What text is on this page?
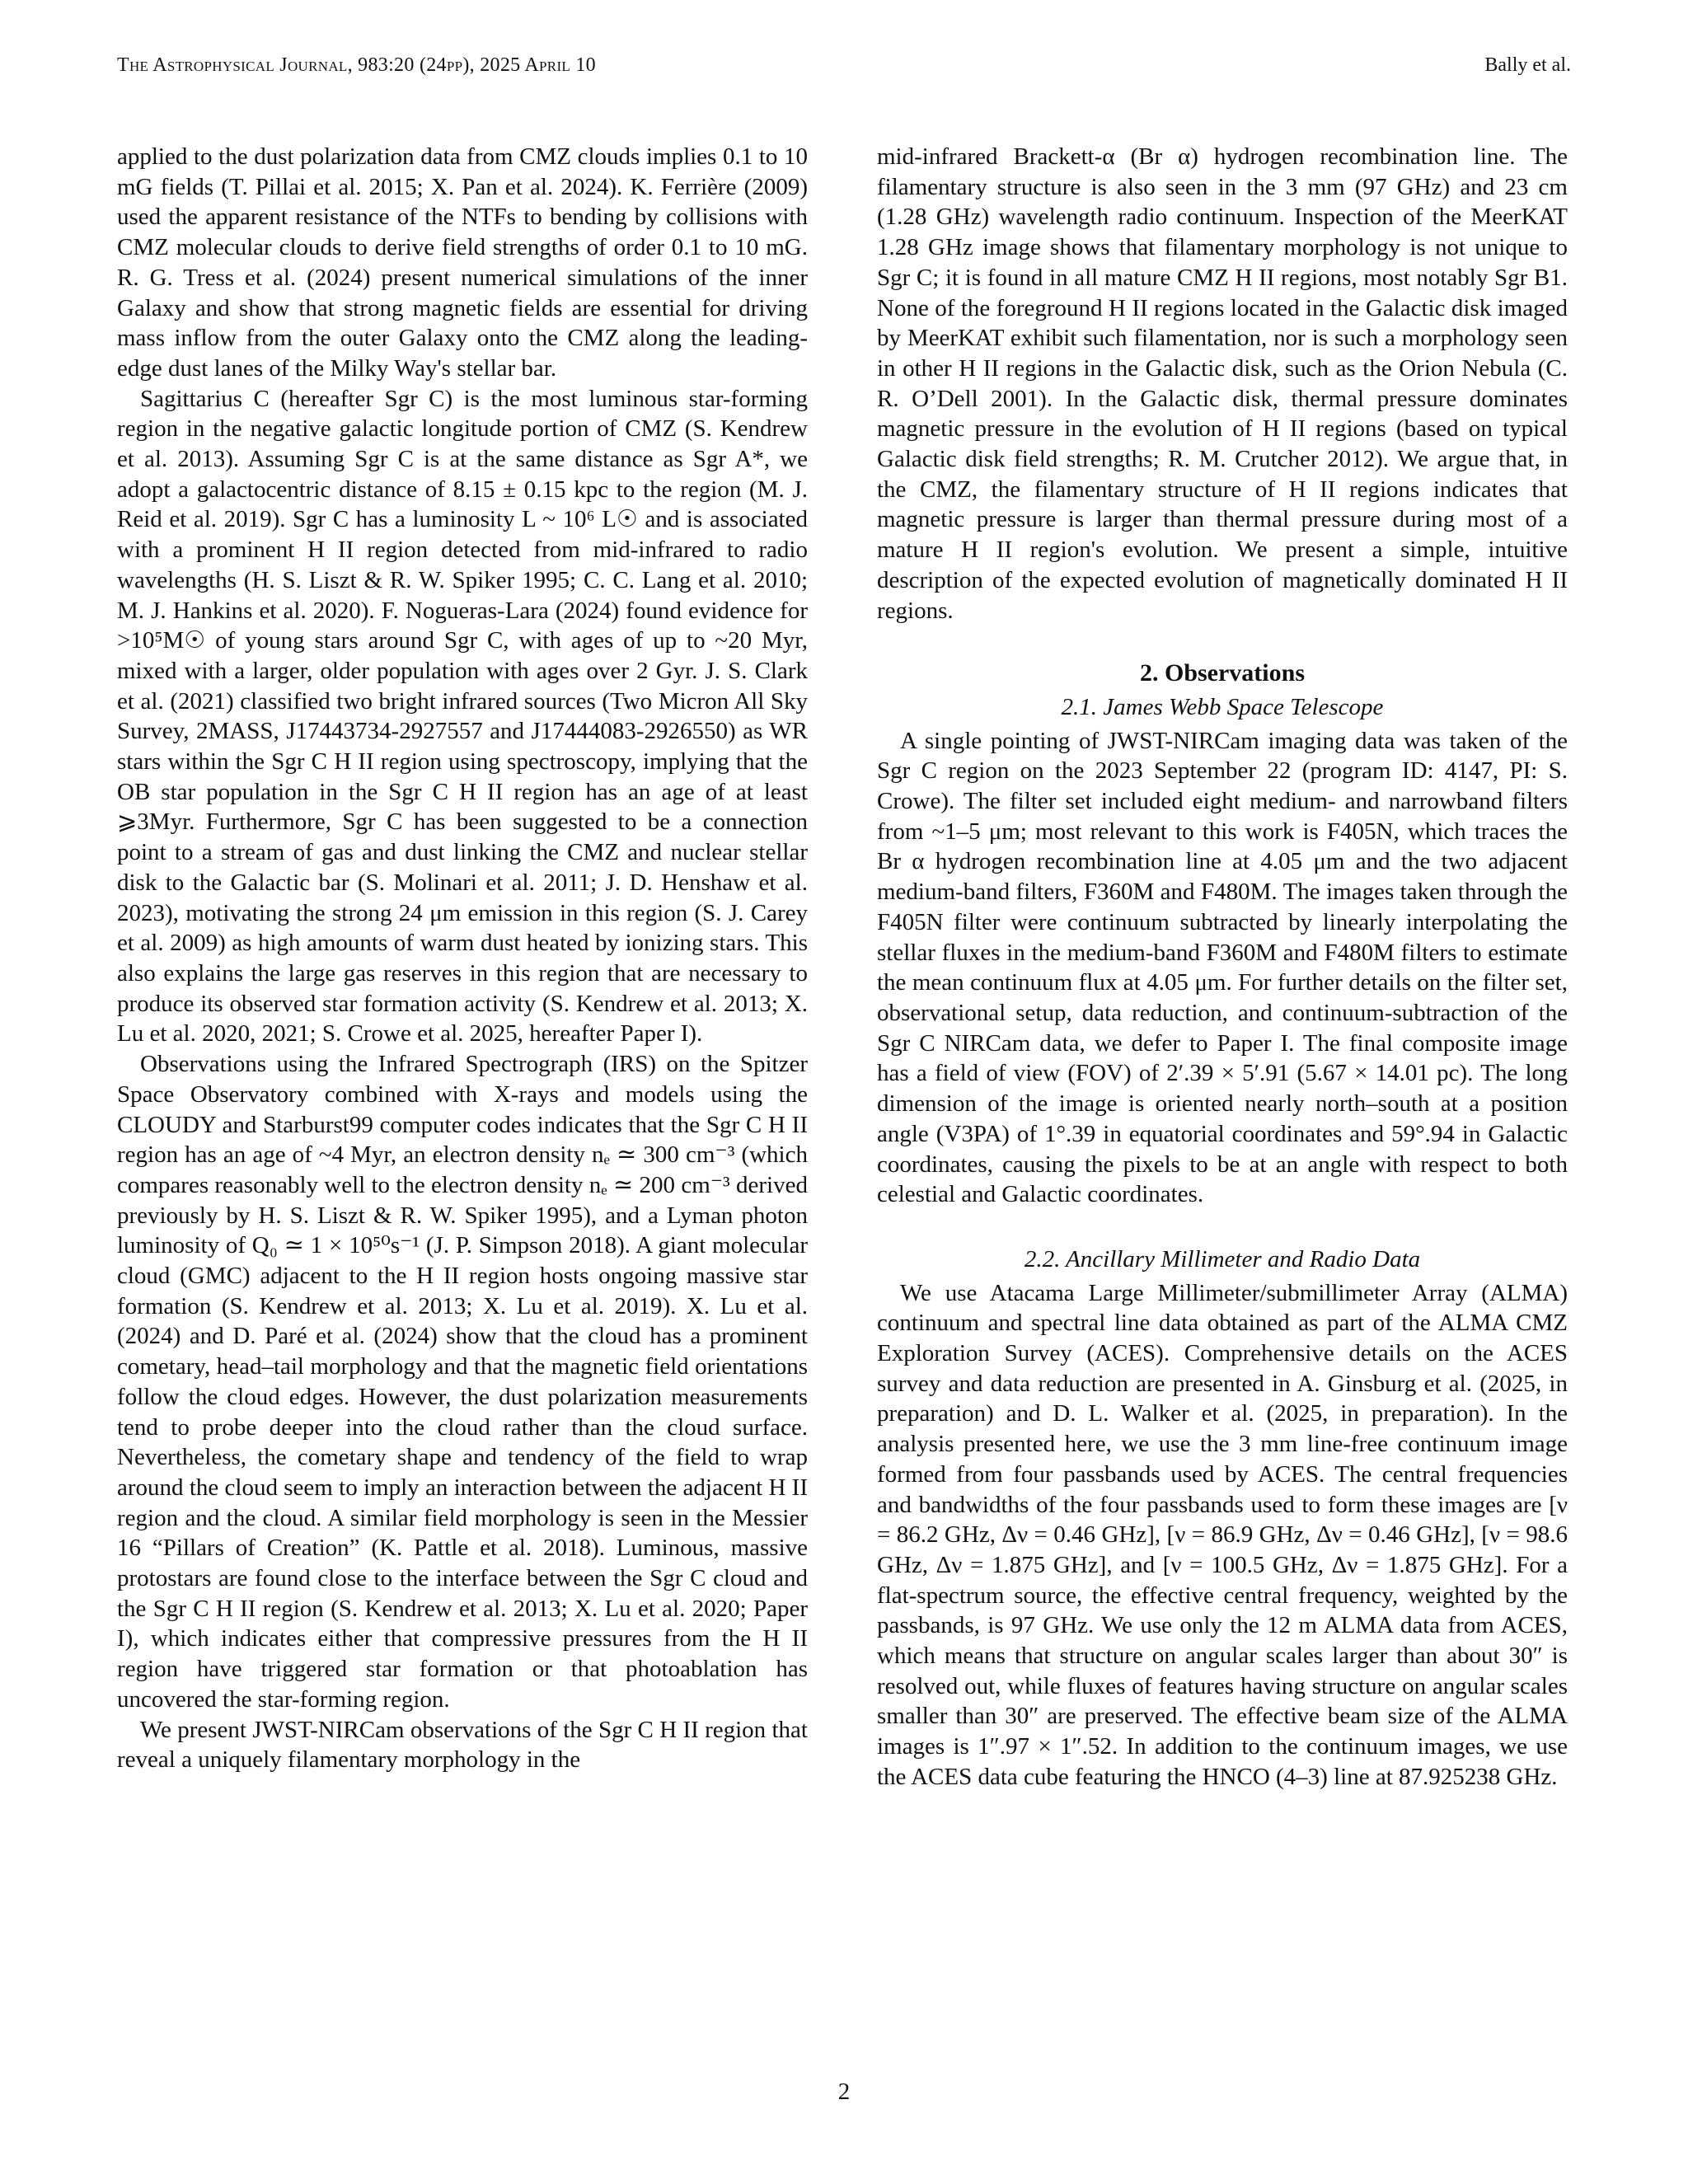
The Astrophysical Journal, 983:20 (24pp), 2025 April 10	Bally et al.

applied to the dust polarization data from CMZ clouds implies 0.1 to 10 mG fields (T. Pillai et al. 2015; X. Pan et al. 2024). K. Ferrière (2009) used the apparent resistance of the NTFs to bending by collisions with CMZ molecular clouds to derive field strengths of order 0.1 to 10 mG. R. G. Tress et al. (2024) present numerical simulations of the inner Galaxy and show that strong magnetic fields are essential for driving mass inflow from the outer Galaxy onto the CMZ along the leading-edge dust lanes of the Milky Way's stellar bar.

Sagittarius C (hereafter Sgr C) is the most luminous star-forming region in the negative galactic longitude portion of CMZ (S. Kendrew et al. 2013). Assuming Sgr C is at the same distance as Sgr A*, we adopt a galactocentric distance of 8.15 ± 0.15 kpc to the region (M. J. Reid et al. 2019). Sgr C has a luminosity L ~ 10⁶ L☉ and is associated with a prominent H II region detected from mid-infrared to radio wavelengths (H. S. Liszt & R. W. Spiker 1995; C. C. Lang et al. 2010; M. J. Hankins et al. 2020). F. Nogueras-Lara (2024) found evidence for >10⁵M☉ of young stars around Sgr C, with ages of up to ~20 Myr, mixed with a larger, older population with ages over 2 Gyr. J. S. Clark et al. (2021) classified two bright infrared sources (Two Micron All Sky Survey, 2MASS, J17443734-2927557 and J17444083-2926550) as WR stars within the Sgr C H II region using spectroscopy, implying that the OB star population in the Sgr C H II region has an age of at least ⩾3Myr. Furthermore, Sgr C has been suggested to be a connection point to a stream of gas and dust linking the CMZ and nuclear stellar disk to the Galactic bar (S. Molinari et al. 2011; J. D. Henshaw et al. 2023), motivating the strong 24 μm emission in this region (S. J. Carey et al. 2009) as high amounts of warm dust heated by ionizing stars. This also explains the large gas reserves in this region that are necessary to produce its observed star formation activity (S. Kendrew et al. 2013; X. Lu et al. 2020, 2021; S. Crowe et al. 2025, hereafter Paper I).

Observations using the Infrared Spectrograph (IRS) on the Spitzer Space Observatory combined with X-rays and models using the CLOUDY and Starburst99 computer codes indicates that the Sgr C H II region has an age of ~4 Myr, an electron density nₑ ≃ 300 cm⁻³ (which compares reasonably well to the electron density nₑ ≃ 200 cm⁻³ derived previously by H. S. Liszt & R. W. Spiker 1995), and a Lyman photon luminosity of Q₀ ≃ 1 × 10⁵⁰s⁻¹ (J. P. Simpson 2018). A giant molecular cloud (GMC) adjacent to the H II region hosts ongoing massive star formation (S. Kendrew et al. 2013; X. Lu et al. 2019). X. Lu et al. (2024) and D. Paré et al. (2024) show that the cloud has a prominent cometary, head–tail morphology and that the magnetic field orientations follow the cloud edges. However, the dust polarization measurements tend to probe deeper into the cloud rather than the cloud surface. Nevertheless, the cometary shape and tendency of the field to wrap around the cloud seem to imply an interaction between the adjacent H II region and the cloud. A similar field morphology is seen in the Messier 16 “Pillars of Creation” (K. Pattle et al. 2018). Luminous, massive protostars are found close to the interface between the Sgr C cloud and the Sgr C H II region (S. Kendrew et al. 2013; X. Lu et al. 2020; Paper I), which indicates either that compressive pressures from the H II region have triggered star formation or that photoablation has uncovered the star-forming region.

We present JWST-NIRCam observations of the Sgr C H II region that reveal a uniquely filamentary morphology in the

mid-infrared Brackett-α (Br α) hydrogen recombination line. The filamentary structure is also seen in the 3 mm (97 GHz) and 23 cm (1.28 GHz) wavelength radio continuum. Inspection of the MeerKAT 1.28 GHz image shows that filamentary morphology is not unique to Sgr C; it is found in all mature CMZ H II regions, most notably Sgr B1. None of the foreground H II regions located in the Galactic disk imaged by MeerKAT exhibit such filamentation, nor is such a morphology seen in other H II regions in the Galactic disk, such as the Orion Nebula (C. R. O’Dell 2001). In the Galactic disk, thermal pressure dominates magnetic pressure in the evolution of H II regions (based on typical Galactic disk field strengths; R. M. Crutcher 2012). We argue that, in the CMZ, the filamentary structure of H II regions indicates that magnetic pressure is larger than thermal pressure during most of a mature H II region's evolution. We present a simple, intuitive description of the expected evolution of magnetically dominated H II regions.

2. Observations
2.1. James Webb Space Telescope

A single pointing of JWST-NIRCam imaging data was taken of the Sgr C region on the 2023 September 22 (program ID: 4147, PI: S. Crowe). The filter set included eight medium- and narrowband filters from ~1–5 μm; most relevant to this work is F405N, which traces the Br α hydrogen recombination line at 4.05 μm and the two adjacent medium-band filters, F360M and F480M. The images taken through the F405N filter were continuum subtracted by linearly interpolating the stellar fluxes in the medium-band F360M and F480M filters to estimate the mean continuum flux at 4.05 μm. For further details on the filter set, observational setup, data reduction, and continuum-subtraction of the Sgr C NIRCam data, we defer to Paper I. The final composite image has a field of view (FOV) of 2ʹ.39 × 5ʹ.91 (5.67 × 14.01 pc). The long dimension of the image is oriented nearly north–south at a position angle (V3PA) of 1°.39 in equatorial coordinates and 59°.94 in Galactic coordinates, causing the pixels to be at an angle with respect to both celestial and Galactic coordinates.

2.2. Ancillary Millimeter and Radio Data

We use Atacama Large Millimeter/submillimeter Array (ALMA) continuum and spectral line data obtained as part of the ALMA CMZ Exploration Survey (ACES). Comprehensive details on the ACES survey and data reduction are presented in A. Ginsburg et al. (2025, in preparation) and D. L. Walker et al. (2025, in preparation). In the analysis presented here, we use the 3 mm line-free continuum image formed from four passbands used by ACES. The central frequencies and bandwidths of the four passbands used to form these images are [ν = 86.2 GHz, Δν = 0.46 GHz], [ν = 86.9 GHz, Δν = 0.46 GHz], [ν = 98.6 GHz, Δν = 1.875 GHz], and [ν = 100.5 GHz, Δν = 1.875 GHz]. For a flat-spectrum source, the effective central frequency, weighted by the passbands, is 97 GHz. We use only the 12 m ALMA data from ACES, which means that structure on angular scales larger than about 30″ is resolved out, while fluxes of features having structure on angular scales smaller than 30″ are preserved. The effective beam size of the ALMA images is 1″.97 × 1″.52. In addition to the continuum images, we use the ACES data cube featuring the HNCO (4–3) line at 87.925238 GHz.

2
